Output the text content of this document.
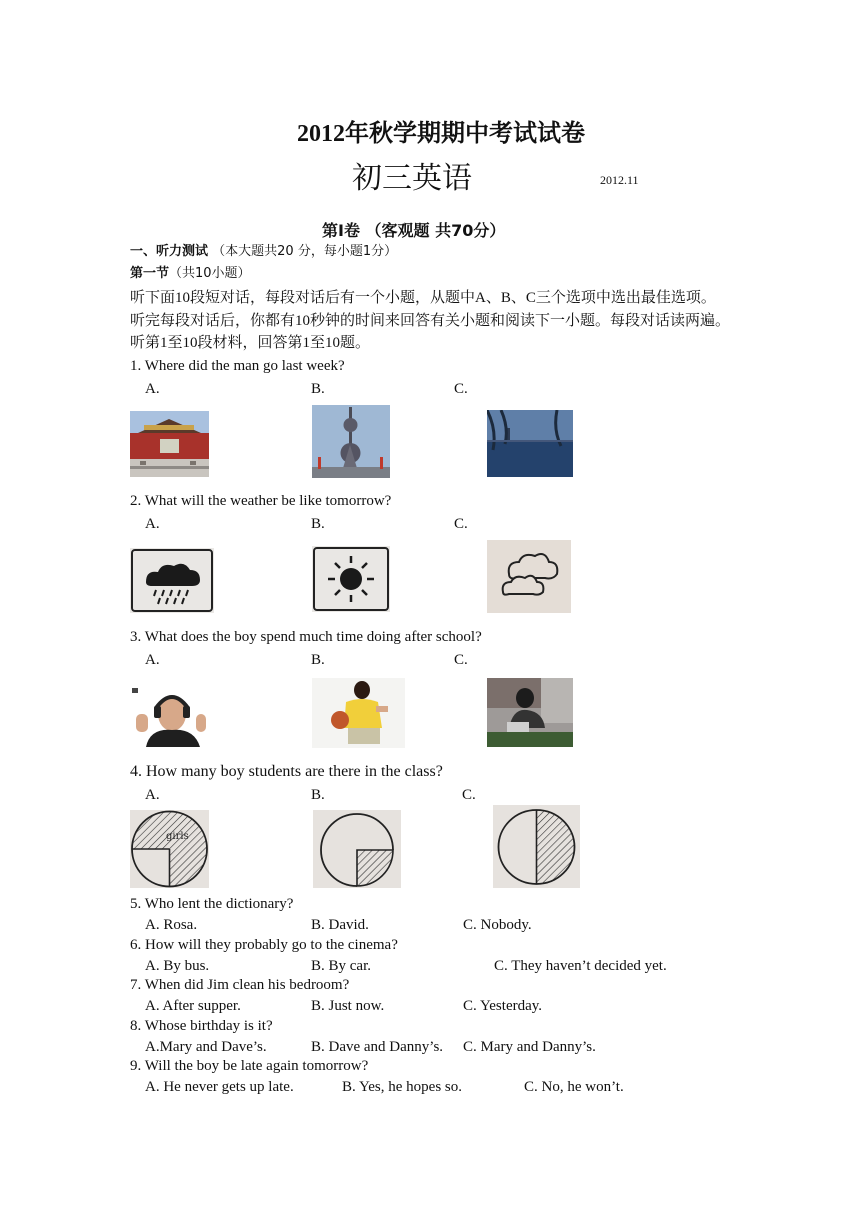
2012年秋学期期中考试试卷
初三英语	2012.11
第Ⅰ卷 （客观题 共70分）
一、听力测试 （本大题共20 分，每小题1分）
第一节（共10小题）
听下面10段短对话，每段对话后有一个小题，从题中A、B、C三个选项中选出最佳选项。
听完每段对话后，你都有10秒钟的时间来回答有关小题和阅读下一小题。每段对话读两遍。
听第1至10段材料，回答第1至10题。
1. Where did the man go last week?
A.	B.	C.
2. What will the weather be like tomorrow?
A.	B.	C.
3. What does the boy spend much time doing after school?
A.	B.	C.
4. How many boy students are there in the class?
A.	B.	C.
girls
5. Who lent the dictionary?
A. Rosa.	B. David.	C. Nobody.
6. How will they probably go to the cinema?
A. By bus.	B. By car.	C. They haven’t decided yet.
7. When did Jim clean his bedroom?
A. After supper.	B. Just now.	C. Yesterday.
8. Whose birthday is it?
A.Mary and Dave’s.	B. Dave and Danny’s. C. Mary and Danny’s.
9. Will the boy be late again tomorrow?
A. He never gets up late.	B. Yes, he hopes so.	C. No, he won’t.
